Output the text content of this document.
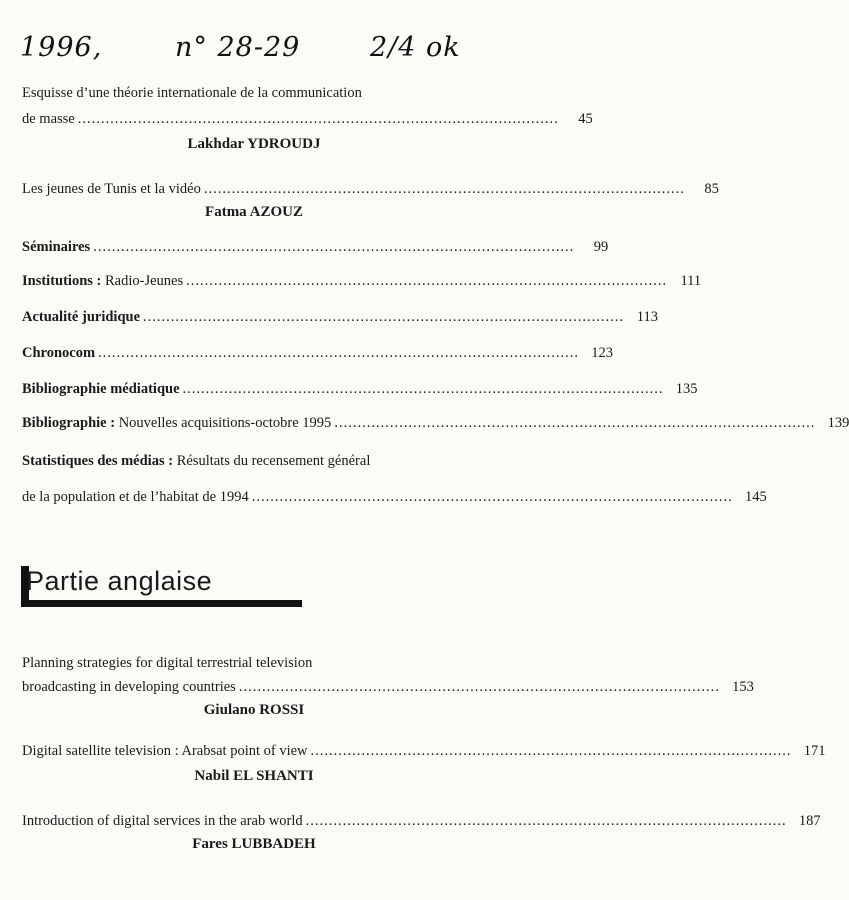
1996,	n° 28-29	2/4 ok
Esquisse d’une théorie internationale de la communication
de masse ........................................................................................................	45
Lakhdar YDROUDJ
Les jeunes de Tunis et la vidéo ........................................................................................................	85
Fatma AZOUZ
Séminaires ........................................................................................................	99
Institutions : Radio-Jeunes ........................................................................................................ 111
Actualité juridique ........................................................................................................ 113
Chronocom ........................................................................................................ 123
Bibliographie médiatique ........................................................................................................ 135
Bibliographie : Nouvelles acquisitions-octobre 1995 ........................................................................................................ 139
Statistiques des médias : Résultats du recensement général
de la population et de l’habitat de 1994 ........................................................................................................ 145
Partie anglaise
Planning strategies for digital terrestrial television
broadcasting in developing countries ........................................................................................................ 153
Giulano ROSSI
Digital satellite television : Arabsat point of view ........................................................................................................ 171
Nabil EL SHANTI
Introduction of digital services in the arab world ........................................................................................................ 187
Fares LUBBADEH
